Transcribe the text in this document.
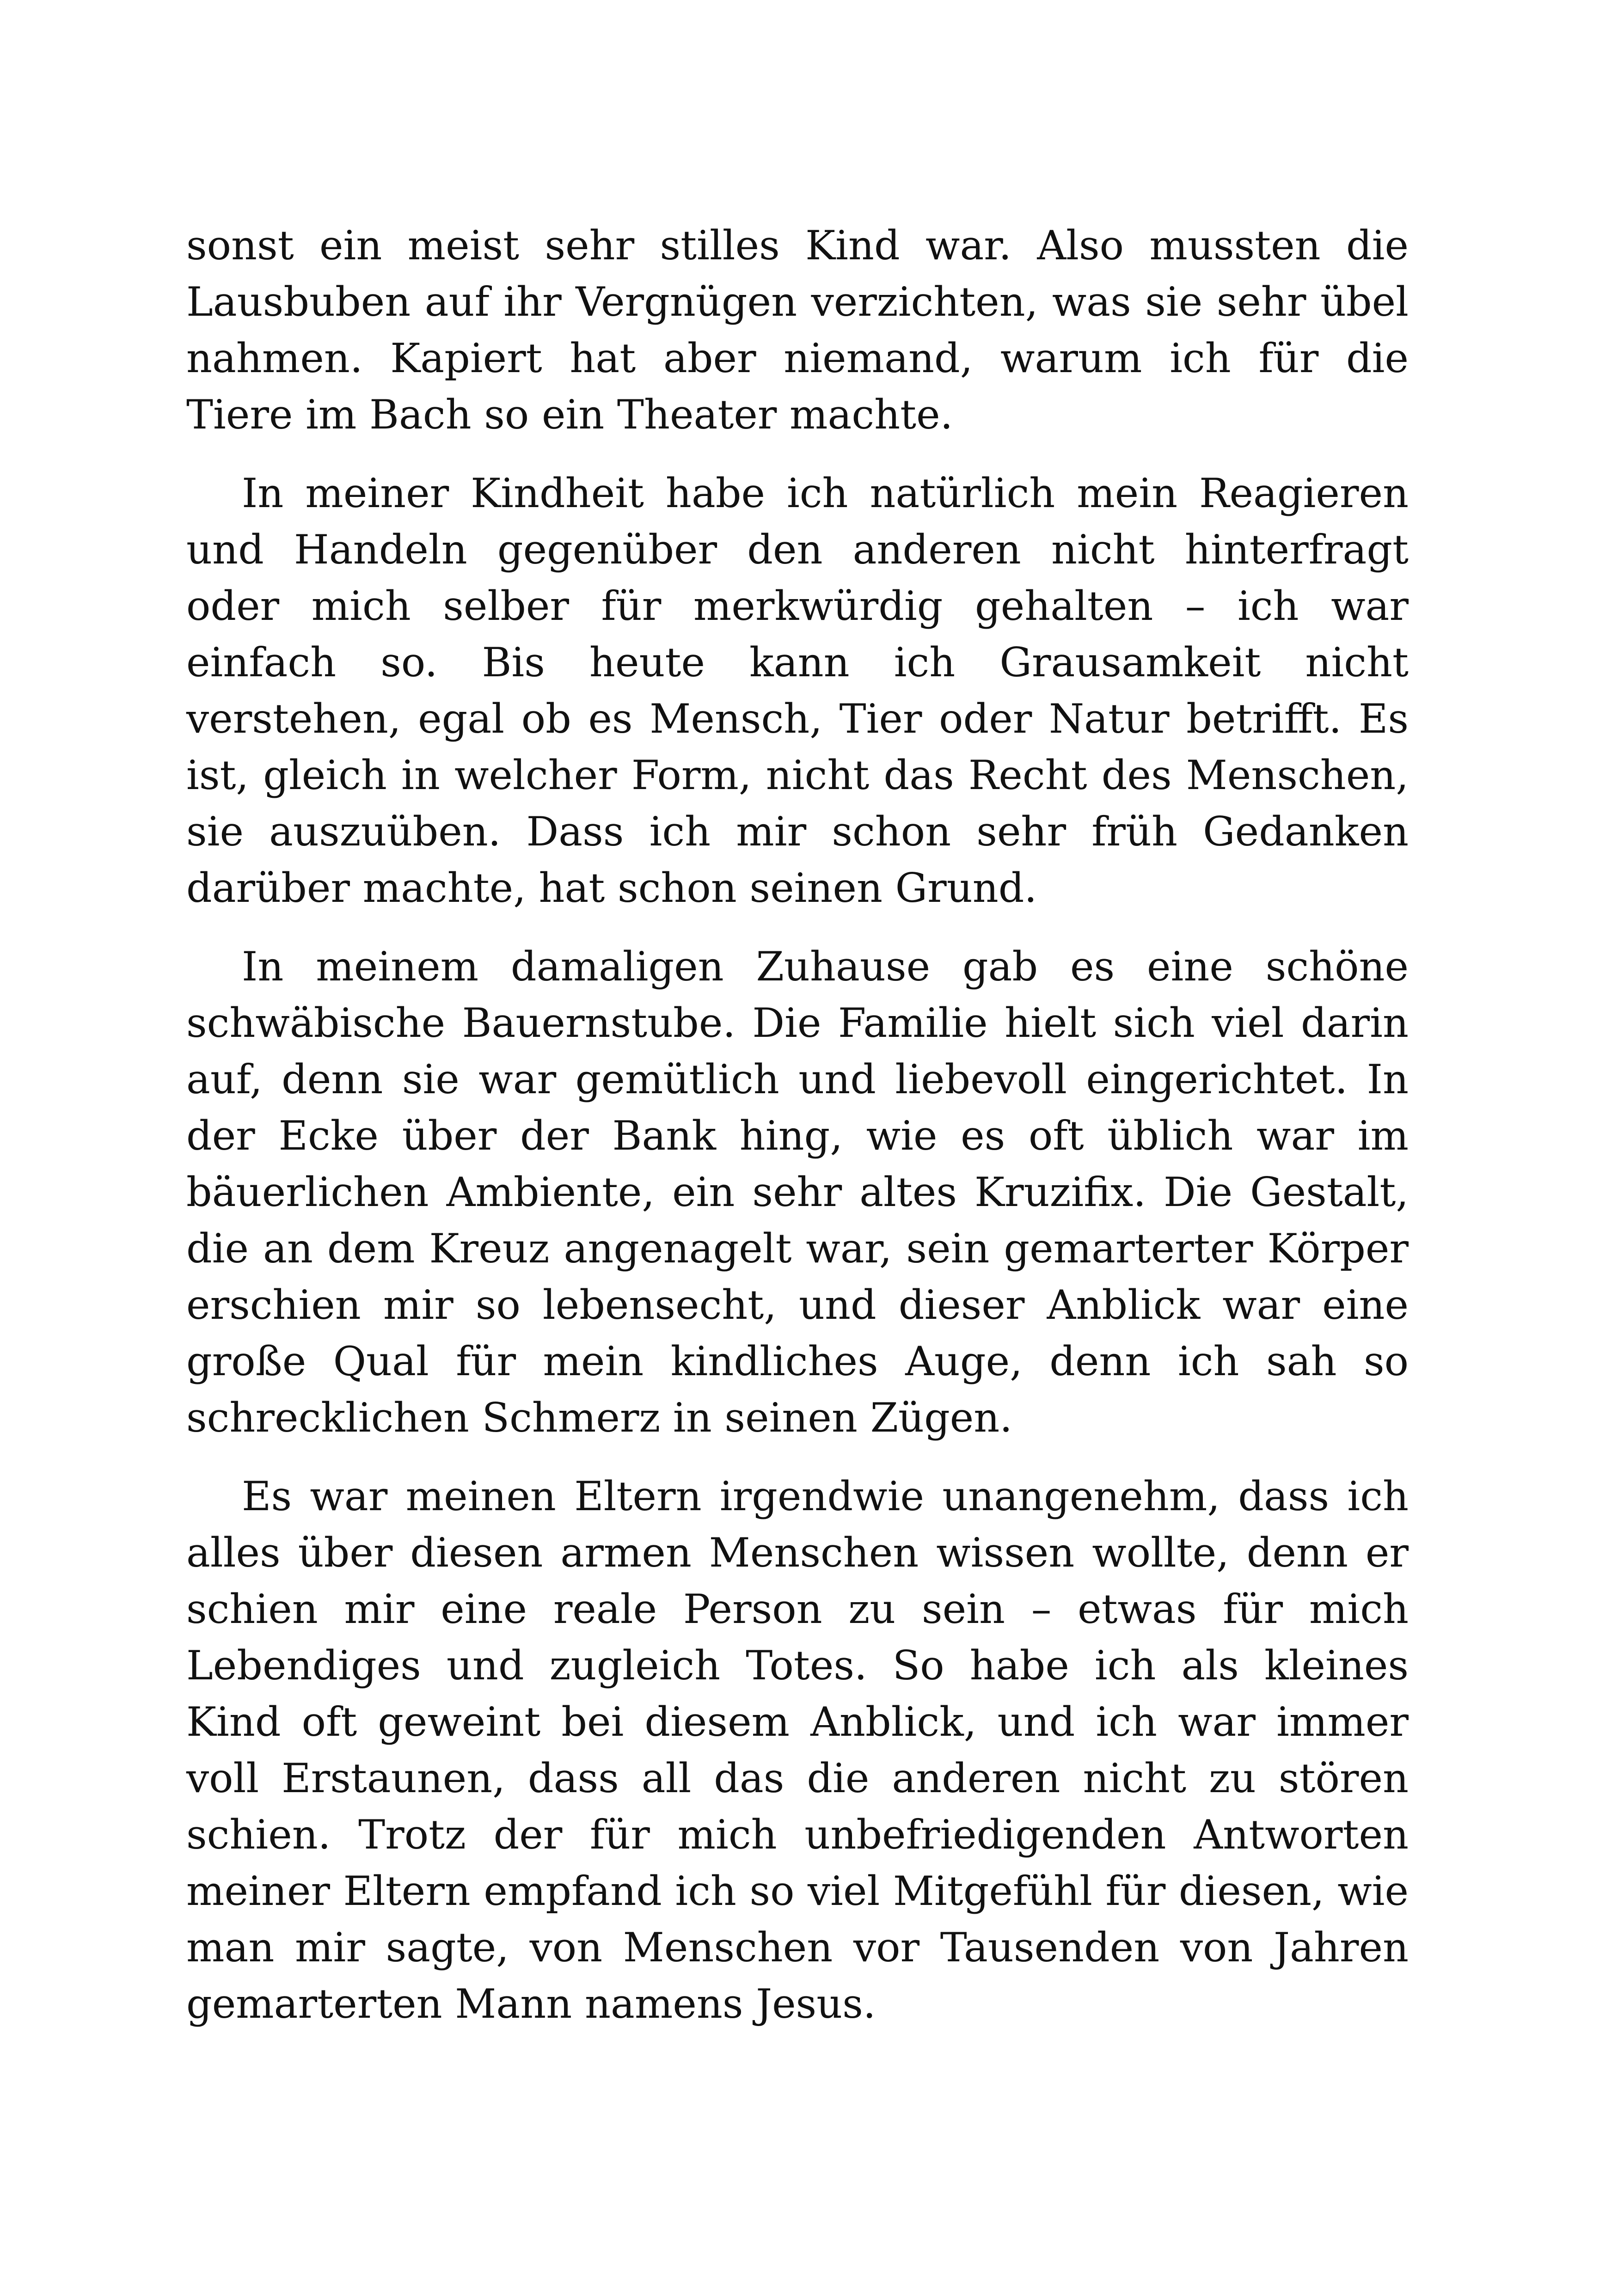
sonst ein meist sehr stilles Kind war. Also mussten die Lausbuben auf ihr Vergnügen verzichten, was sie sehr übel nahmen. Kapiert hat aber niemand, warum ich für die Tiere im Bach so ein Theater machte.

In meiner Kindheit habe ich natürlich mein Reagieren und Handeln gegenüber den anderen nicht hinterfragt oder mich selber für merkwürdig gehalten – ich war einfach so. Bis heute kann ich Grausamkeit nicht verstehen, egal ob es Mensch, Tier oder Natur betrifft. Es ist, gleich in welcher Form, nicht das Recht des Menschen, sie auszuüben. Dass ich mir schon sehr früh Gedanken darüber machte, hat schon seinen Grund.

In meinem damaligen Zuhause gab es eine schöne schwäbische Bauernstube. Die Familie hielt sich viel darin auf, denn sie war gemütlich und liebevoll eingerichtet. In der Ecke über der Bank hing, wie es oft üblich war im bäuerlichen Ambiente, ein sehr altes Kruzifix. Die Gestalt, die an dem Kreuz angenagelt war, sein gemarterter Körper erschien mir so lebensecht, und dieser Anblick war eine große Qual für mein kindliches Auge, denn ich sah so schrecklichen Schmerz in seinen Zügen.

Es war meinen Eltern irgendwie unangenehm, dass ich alles über diesen armen Menschen wissen wollte, denn er schien mir eine reale Person zu sein – etwas für mich Lebendiges und zugleich Totes. So habe ich als kleines Kind oft geweint bei diesem Anblick, und ich war immer voll Erstaunen, dass all das die anderen nicht zu stören schien. Trotz der für mich unbefriedigenden Antworten meiner Eltern empfand ich so viel Mitgefühl für diesen, wie man mir sagte, von Menschen vor Tausenden von Jahren gemarterten Mann namens Jesus.
